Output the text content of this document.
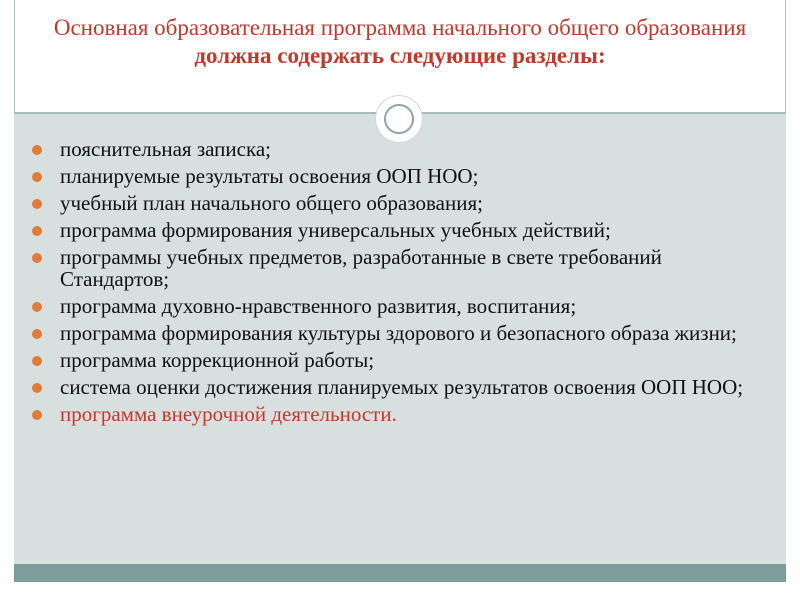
Основная образовательная программа начального общего образования должна содержать следующие разделы:
пояснительная записка;
планируемые результаты освоения ООП НОО;
учебный план начального общего образования;
программа формирования универсальных учебных действий;
программы учебных предметов, разработанные в свете требований Стандартов;
программа духовно-нравственного развития, воспитания;
программа формирования культуры здорового и безопасного образа жизни;
программа коррекционной работы;
система оценки достижения планируемых результатов освоения ООП НОО;
программа внеурочной деятельности.
